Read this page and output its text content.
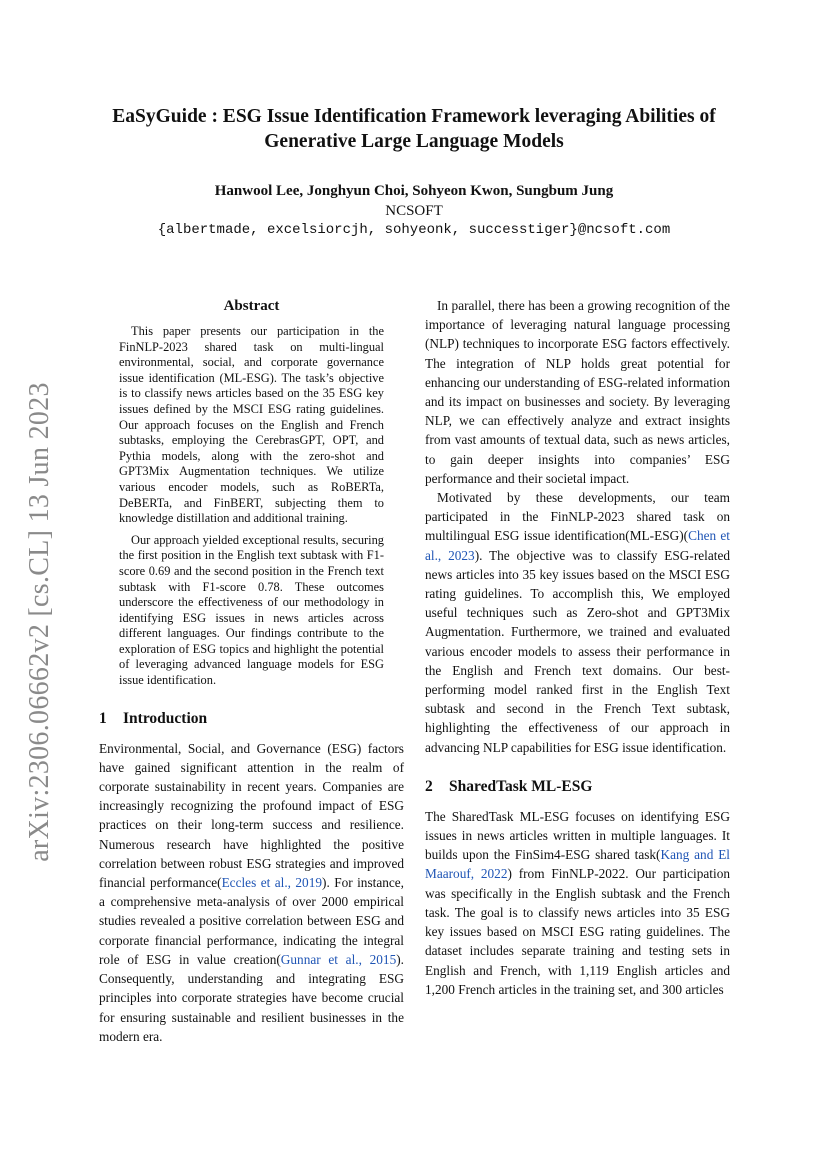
arXiv:2306.06662v2 [cs.CL] 13 Jun 2023
EaSyGuide : ESG Issue Identification Framework leveraging Abilities of Generative Large Language Models
Hanwool Lee, Jonghyun Choi, Sohyeon Kwon, Sungbum Jung
NCSOFT
{albertmade, excelsiorcjh, sohyeonk, successtiger}@ncsoft.com
Abstract

This paper presents our participation in the FinNLP-2023 shared task on multi-lingual environmental, social, and corporate governance issue identification (ML-ESG). The task’s objective is to classify news articles based on the 35 ESG key issues defined by the MSCI ESG rating guidelines. Our approach focuses on the English and French subtasks, employing the CerebrasGPT, OPT, and Pythia models, along with the zero-shot and GPT3Mix Augmentation techniques. We utilize various encoder models, such as RoBERTa, DeBERTa, and FinBERT, subjecting them to knowledge distillation and additional training.

Our approach yielded exceptional results, securing the first position in the English text subtask with F1-score 0.69 and the second position in the French text subtask with F1-score 0.78. These outcomes underscore the effectiveness of our methodology in identifying ESG issues in news articles across different languages. Our findings contribute to the exploration of ESG topics and highlight the potential of leveraging advanced language models for ESG issue identification.

1 Introduction

Environmental, Social, and Governance (ESG) factors have gained significant attention in the realm of corporate sustainability in recent years. Companies are increasingly recognizing the profound impact of ESG practices on their long-term success and resilience. Numerous research have highlighted the positive correlation between robust ESG strategies and improved financial performance(Eccles et al., 2019). For instance, a comprehensive meta-analysis of over 2000 empirical studies revealed a positive correlation between ESG and corporate financial performance, indicating the integral role of ESG in value creation(Gunnar et al., 2015). Consequently, understanding and integrating ESG principles into corporate strategies have become crucial for ensuring sustainable and resilient businesses in the modern era.

In parallel, there has been a growing recognition of the importance of leveraging natural language processing (NLP) techniques to incorporate ESG factors effectively. The integration of NLP holds great potential for enhancing our understanding of ESG-related information and its impact on businesses and society. By leveraging NLP, we can effectively analyze and extract insights from vast amounts of textual data, such as news articles, to gain deeper insights into companies’ ESG performance and their societal impact.

Motivated by these developments, our team participated in the FinNLP-2023 shared task on multilingual ESG issue identification(ML-ESG)(Chen et al., 2023). The objective was to classify ESG-related news articles into 35 key issues based on the MSCI ESG rating guidelines. To accomplish this, We employed useful techniques such as Zero-shot and GPT3Mix Augmentation. Furthermore, we trained and evaluated various encoder models to assess their performance in the English and French text domains. Our best-performing model ranked first in the English Text subtask and second in the French Text subtask, highlighting the effectiveness of our approach in advancing NLP capabilities for ESG issue identification.

2 SharedTask ML-ESG

The SharedTask ML-ESG focuses on identifying ESG issues in news articles written in multiple languages. It builds upon the FinSim4-ESG shared task(Kang and El Maarouf, 2022) from FinNLP-2022. Our participation was specifically in the English subtask and the French task. The goal is to classify news articles into 35 ESG key issues based on MSCI ESG rating guidelines. The dataset includes separate training and testing sets in English and French, with 1,119 English articles and 1,200 French articles in the training set, and 300 articles
